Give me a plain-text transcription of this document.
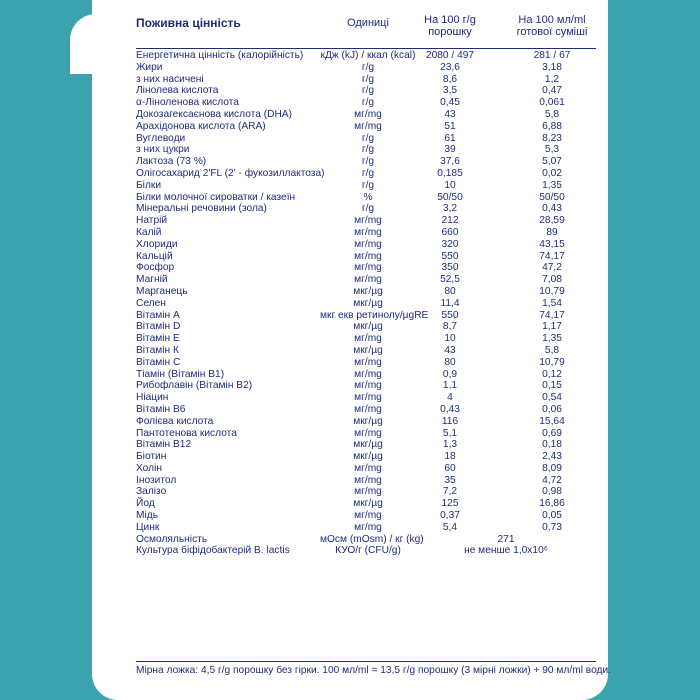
Поживна цінність	Одиниці	На 100 г/g порошку
На 100 мл/ml готової суміші
Енергетична цінність (калорійність) кДж (kJ) / ккал (kcal)	2080 / 497	281 / 67
Жири	г/g	23,6	3,18
з них насичені	г/g	8,6	1,2
Лінолева кислота	г/g	3,5	0,47
α-Ліноленова кислота	г/g	0,45	0,061
Докозагексаєнова кислота (DHA)	мг/mg	43	5,8
Арахідонова кислота (ARA)	мг/mg	51	6,88
Вуглеводи	г/g	61	8,23
з них цукри	г/g	39	5,3
Лактоза (73 %)	г/g	37,6	5,07
Олігосахарид 2'FL (2' - фукозиллактоза)	г/g	0,185	0,02
Білки	г/g	10	1,35
Білки молочної сироватки / казеїн	%	50/50	50/50
Мінеральні речовини (зола)	г/g	3,2	0,43
Натрій	мг/mg	212	28,59
Калій	мг/mg	660	89
Хлориди	мг/mg	320	43,15
Кальцій	мг/mg	550	74,17
Фосфор	мг/mg	350	47,2
Магній	мг/mg	52,5	7,08
Марганець	мкг/µg	80	10,79
Селен	мкг/µg	11,4	1,54
Вітамін А	мкг екв ретинолу/µgRE	550	74,17
Вітамін D	мкг/µg	8,7	1,17
Вітамін Е	мг/mg	10	1,35
Вітамін К	мкг/µg	43	5,8
Вітамін С	мг/mg	80	10,79
Тіамін (Вітамін B1)	мг/mg	0,9	0,12
Рибофлавін (Вітамін B2)	мг/mg	1,1	0,15
Ніацин	мг/mg	4	0,54
Вітамін B6	мг/mg	0,43	0,06
Фолієва кислота	мкг/µg	116	15,64
Пантотенова кислота	мг/mg	5,1	0,69
Вітамін B12	мкг/µg	1,3	0,18
Біотин	мкг/µg	18	2,43
Холін	мг/mg	60	8,09
Інозитол	мг/mg	35	4,72
Залізо	мг/mg	7,2	0,98
Йод	мкг/µg	125	16,86
Мідь	мг/mg	0,37	0,05
Цинк	мг/mg	5,4	0,73
Осмоляльність	мОсм (mOsm) / кг (kg)	271
Культура біфідобактерій B. lactis	КУО/г (CFU/g)	не менше 1,0х10⁶
Мірна ложка: 4,5 г/g порошку без гірки. 100 мл/ml = 13,5 г/g порошку (3 мірні ложки) + 90 мл/ml води.
